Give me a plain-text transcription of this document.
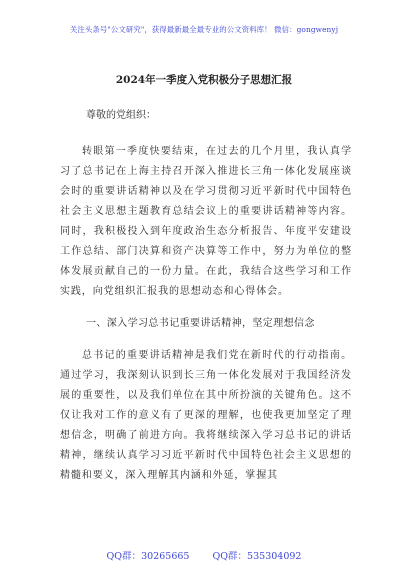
关注头条号"公文研究"，获得最新最全最专业的公文资料库！ 微信：gongwenyj
2024年一季度入党积极分子思想汇报
尊敬的党组织：

转眼第一季度快要结束，在过去的几个月里，我认真学习了总书记在上海主持召开深入推进长三角一体化发展座谈会时的重要讲话精神以及在学习贯彻习近平新时代中国特色社会主义思想主题教育总结会议上的重要讲话精神等内容。同时，我积极投入到年度政治生态分析报告、年度平安建设工作总结、部门决算和资产决算等工作中，努力为单位的整体发展贡献自己的一份力量。在此，我结合这些学习和工作实践，向党组织汇报我的思想动态和心得体会。

一、深入学习总书记重要讲话精神，坚定理想信念

总书记的重要讲话精神是我们党在新时代的行动指南。通过学习，我深刻认识到长三角一体化发展对于我国经济发展的重要性，以及我们单位在其中所扮演的关键角色。这不仅让我对工作的意义有了更深的理解，也使我更加坚定了理想信念，明确了前进方向。我将继续深入学习总书记的讲话精神，继续认真学习习近平新时代中国特色社会主义思想的精髓和要义，深入理解其内涵和外延，掌握其

QQ群：30265665 QQ群：535304092
